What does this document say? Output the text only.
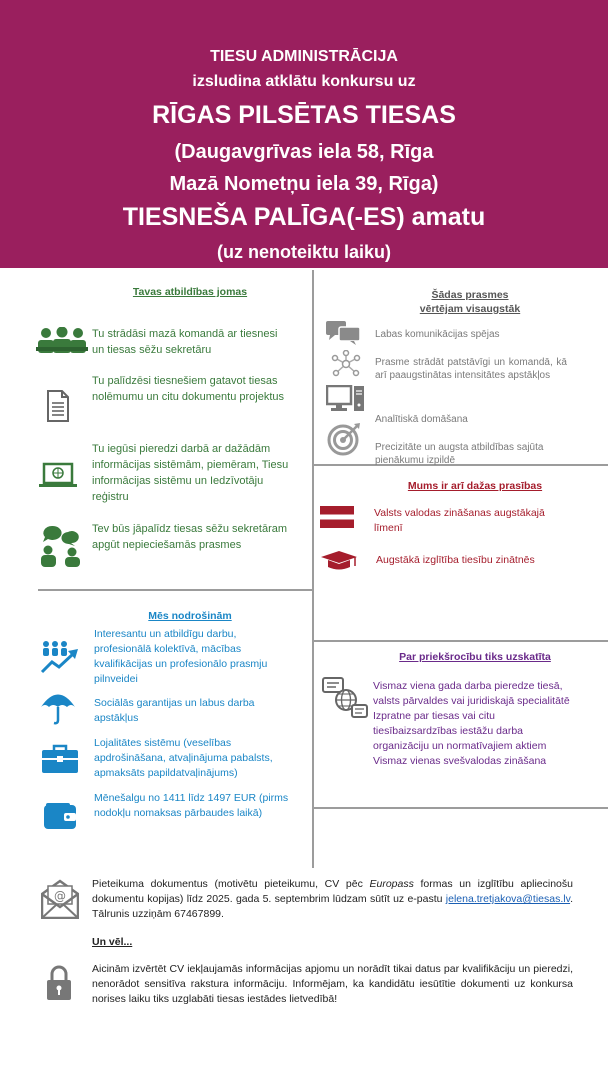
TIESU ADMINISTRĀCIJA
izsludina atklātu konkursu uz
RĪGAS PILSĒTAS TIESAS
(Daugavgrīvas iela 58, Rīga
Mazā Nometņu iela 39, Rīga)
TIESNEŠA PALĪGA(-ES) amatu
(uz nenoteiktu laiku)
Tavas atbildības jomas
Tu strādāsi mazā komandā ar tiesnesi un tiesas sēžu sekretāru
Tu palīdzēsi tiesnešiem gatavot tiesas nolēmumu un citu dokumentu projektus
Tu iegūsi pieredzi darbā ar dažādām informācijas sistēmām, piemēram, Tiesu informācijas sistēmu un Iedzīvotāju reģistru
Tev būs jāpalīdz tiesas sēžu sekretāram apgūt nepieciešamās prasmes
Šādas prasmes
vērtējam visaugstāk
Labas komunikācijas spējas
Prasme strādāt patstāvīgi un komandā, kā arī paaugstinātas intensitātes apstākļos
Analītiskā domāšana
Precizitāte un augsta atbildības sajūta pienākumu izpildē
Mums ir arī dažas prasības
Valsts valodas zināšanas augstākajā līmenī
Augstākā izglītība tiesību zinātnēs
Mēs nodrošinām
Interesantu un atbildīgu darbu, profesionālā kolektīvā, mācības kvalifikācijas un profesionālo prasmju pilnveidei
Sociālās garantijas un labus darba apstākļus
Lojalitātes sistēmu (veselības apdrošināšana, atvaļinājuma pabalsts, apmaksāts papildatvaļinājums)
Mēnešalgu no 1411 līdz 1497 EUR (pirms nodokļu nomaksas pārbaudes laikā)
Par priekšrocību tiks uzskatīta
Vismaz viena gada darba pieredze tiesā, valsts pārvaldes vai juridiskajā specialitātē
Izpratne par tiesas vai citu tiesībaizsardzības iestāžu darba organizāciju un normatīvajiem aktiem
Vismaz vienas svešvalodas zināšana
@
Pieteikuma dokumentus (motivētu pieteikumu, CV pēc Europass formas un izglītību apliecinošu dokumentu kopijas) līdz 2025. gada 5. septembrim lūdzam sūtīt uz e-pastu jelena.tretjakova@tiesas.lv. Tālrunis uzziņām 67467899.
Un vēl...
Aicinām izvērtēt CV iekļaujamās informācijas apjomu un norādīt tikai datus par kvalifikāciju un pieredzi, nenorādot sensitīva rakstura informāciju. Informējam, ka kandidātu iesūtītie dokumenti uz konkursa norises laiku tiks uzglabāti tiesas iestādes lietvedībā!
